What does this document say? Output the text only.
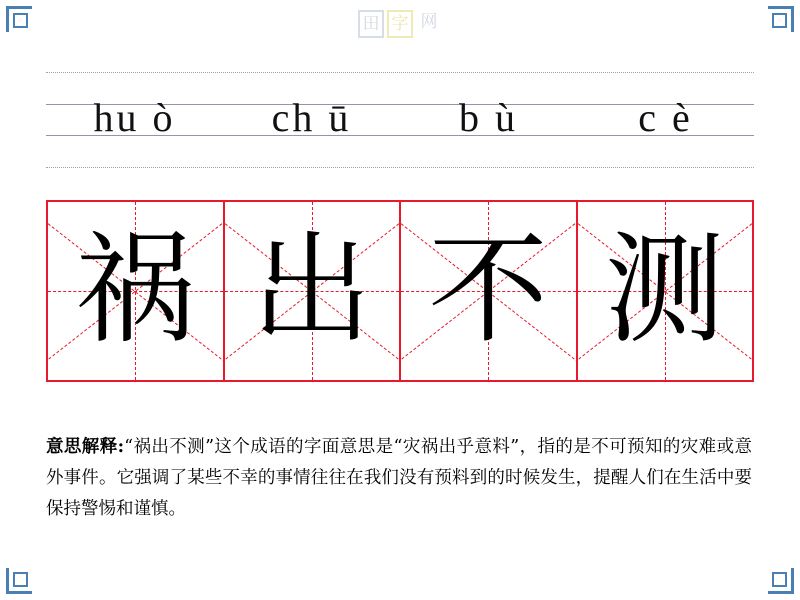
田 字 网
hu ò	ch ū	b ù	c è
祸 出 不 测
意思解释:“祸出不测”这个成语的字面意思是“灾祸出乎意料”，指的是不可预知的灾难或意外事件。它强调了某些不幸的事情往往在我们没有预料到的时候发生，提醒人们在生活中要保持警惕和谨慎。
